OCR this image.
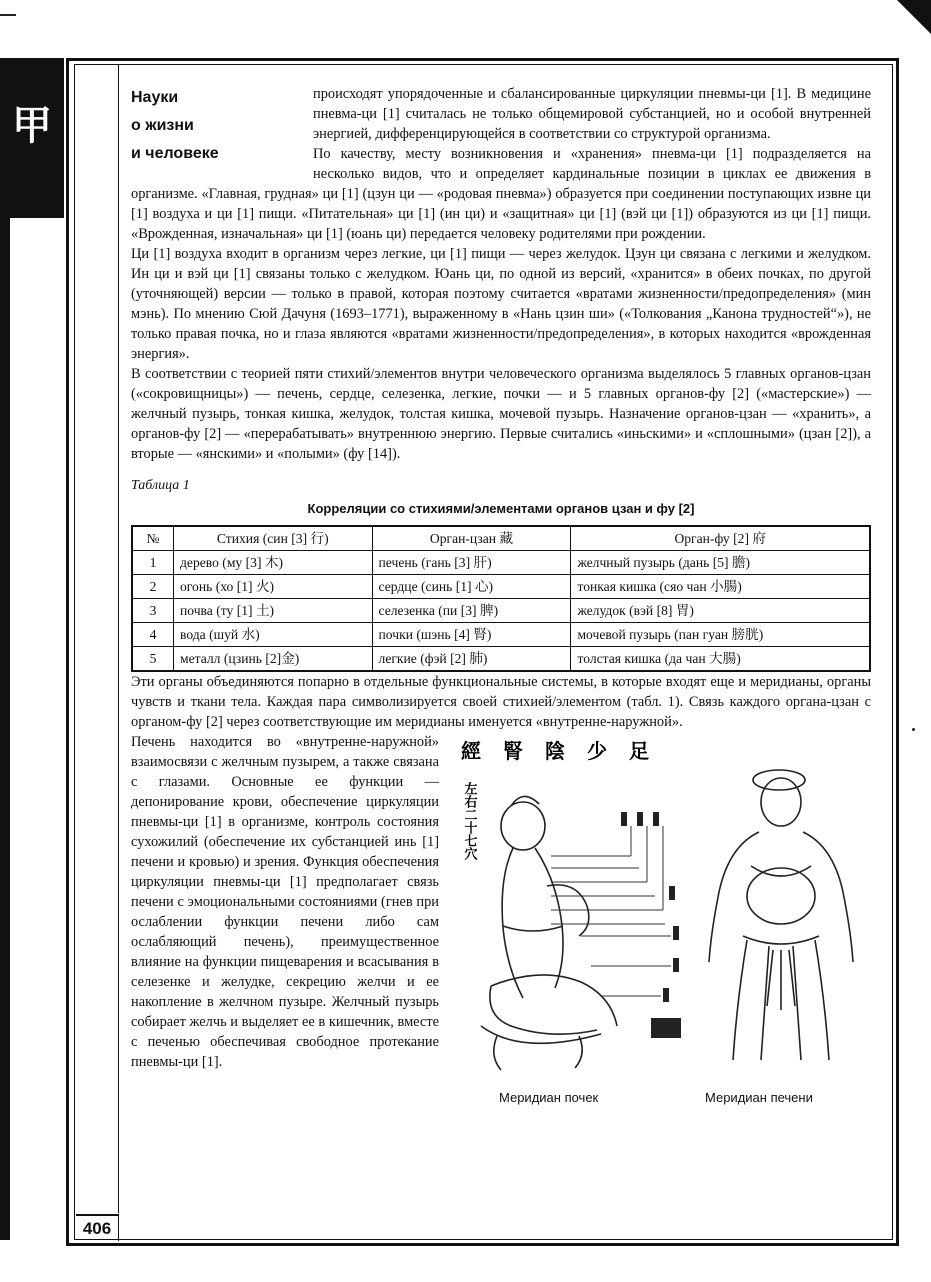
甲
406
Науки
о жизни
и человеке

происходят упорядоченные и сбалансированные циркуляции пневмы-ци [1]. В медицине пневма-ци [1] считалась не только общемировой субстанцией, но и особой внутренней энергией, дифференцирующейся в соответствии со структурой организма.

По качеству, месту возникновения и «хранения» пневма-ци [1] подразделяется на несколько видов, что и определяет кардинальные позиции в циклах ее движения в организме. «Главная, грудная» ци [1] (цзун ци — «родовая пневма») образуется при соединении поступающих извне ци [1] воздуха и ци [1] пищи. «Питательная» ци [1] (ин ци) и «защитная» ци [1] (вэй ци [1]) образуются из ци [1] пищи. «Врожденная, изначальная» ци [1] (юань ци) передается человеку родителями при рождении.

Ци [1] воздуха входит в организм через легкие, ци [1] пищи — через желудок. Цзун ци связана с легкими и желудком. Ин ци и вэй ци [1] связаны только с желудком. Юань ци, по одной из версий, «хранится» в обеих почках, по другой (уточняющей) версии — только в правой, которая поэтому считается «вратами жизненности/предопределения» (мин мэнь). По мнению Сюй Дачуня (1693–1771), выраженному в «Нань цзин ши» («Толкования „Канона трудностей“»), не только правая почка, но и глаза являются «вратами жизненности/предопределения», в которых находится «врожденная энергия».

В соответствии с теорией пяти стихий/элементов внутри человеческого организма выделялось 5 главных органов-цзан («сокровищницы») — печень, сердце, селезенка, легкие, почки — и 5 главных органов-фу [2] («мастерские») — желчный пузырь, тонкая кишка, желудок, толстая кишка, мочевой пузырь. Назначение органов-цзан — «хранить», а органов-фу [2] — «перерабатывать» внутреннюю энергию. Первые считались «иньскими» и «сплошными» (цзан [2]), а вторые — «янскими» и «полыми» (фу [14]).

Таблица 1
Корреляции со стихиями/элементами органов цзан и фу [2]
№	Стихия (син [3] 行)	Орган-цзан 藏	Орган-фу [2] 府
1	дерево (му [3] 木)	печень (гань [3] 肝)	желчный пузырь (дань [5] 膽)
2	огонь (хо [1] 火)	сердце (синь [1] 心)	тонкая кишка (сяо чан 小腸)
3	почва (ту [1] 土)	селезенка (пи [3] 脾)	желудок (вэй [8] 胃)
4	вода (шуй 水)	почки (шэнь [4] 腎)	мочевой пузырь (пан гуан 膀胱)
5	металл (цзинь [2]金)	легкие (фэй [2] 肺)	толстая кишка (да чан 大腸)

Эти органы объединяются попарно в отдельные функциональные системы, в которые входят еще и меридианы, органы чувств и ткани тела. Каждая пара символизируется своей стихией/элементом (табл. 1). Связь каждого органа-цзан с органом-фу [2] через соответствующие им меридианы именуется «внутренне-наружной».

經腎陰少足
左右二十七穴
Меридиан почек	Меридиан печени

Печень находится во «внутренне-наружной» взаимосвязи с желчным пузырем, а также связана с глазами. Основные ее функции — депонирование крови, обеспечение циркуляции пневмы-ци [1] в организме, контроль состояния сухожилий (обеспечение их субстанцией инь [1] печени и кровью) и зрения. Функция обеспечения циркуляции пневмы-ци [1] предполагает связь печени с эмоциональными состояниями (гнев при ослаблении функции печени либо сам ослабляющий печень), преимущественное влияние на функции пищеварения и всасывания в селезенке и желудке, секрецию желчи и ее накопление в желчном пузыре. Желчный пузырь собирает желчь и выделяет ее в кишечник, вместе с печенью обеспечивая свободное протекание пневмы-ци [1].
